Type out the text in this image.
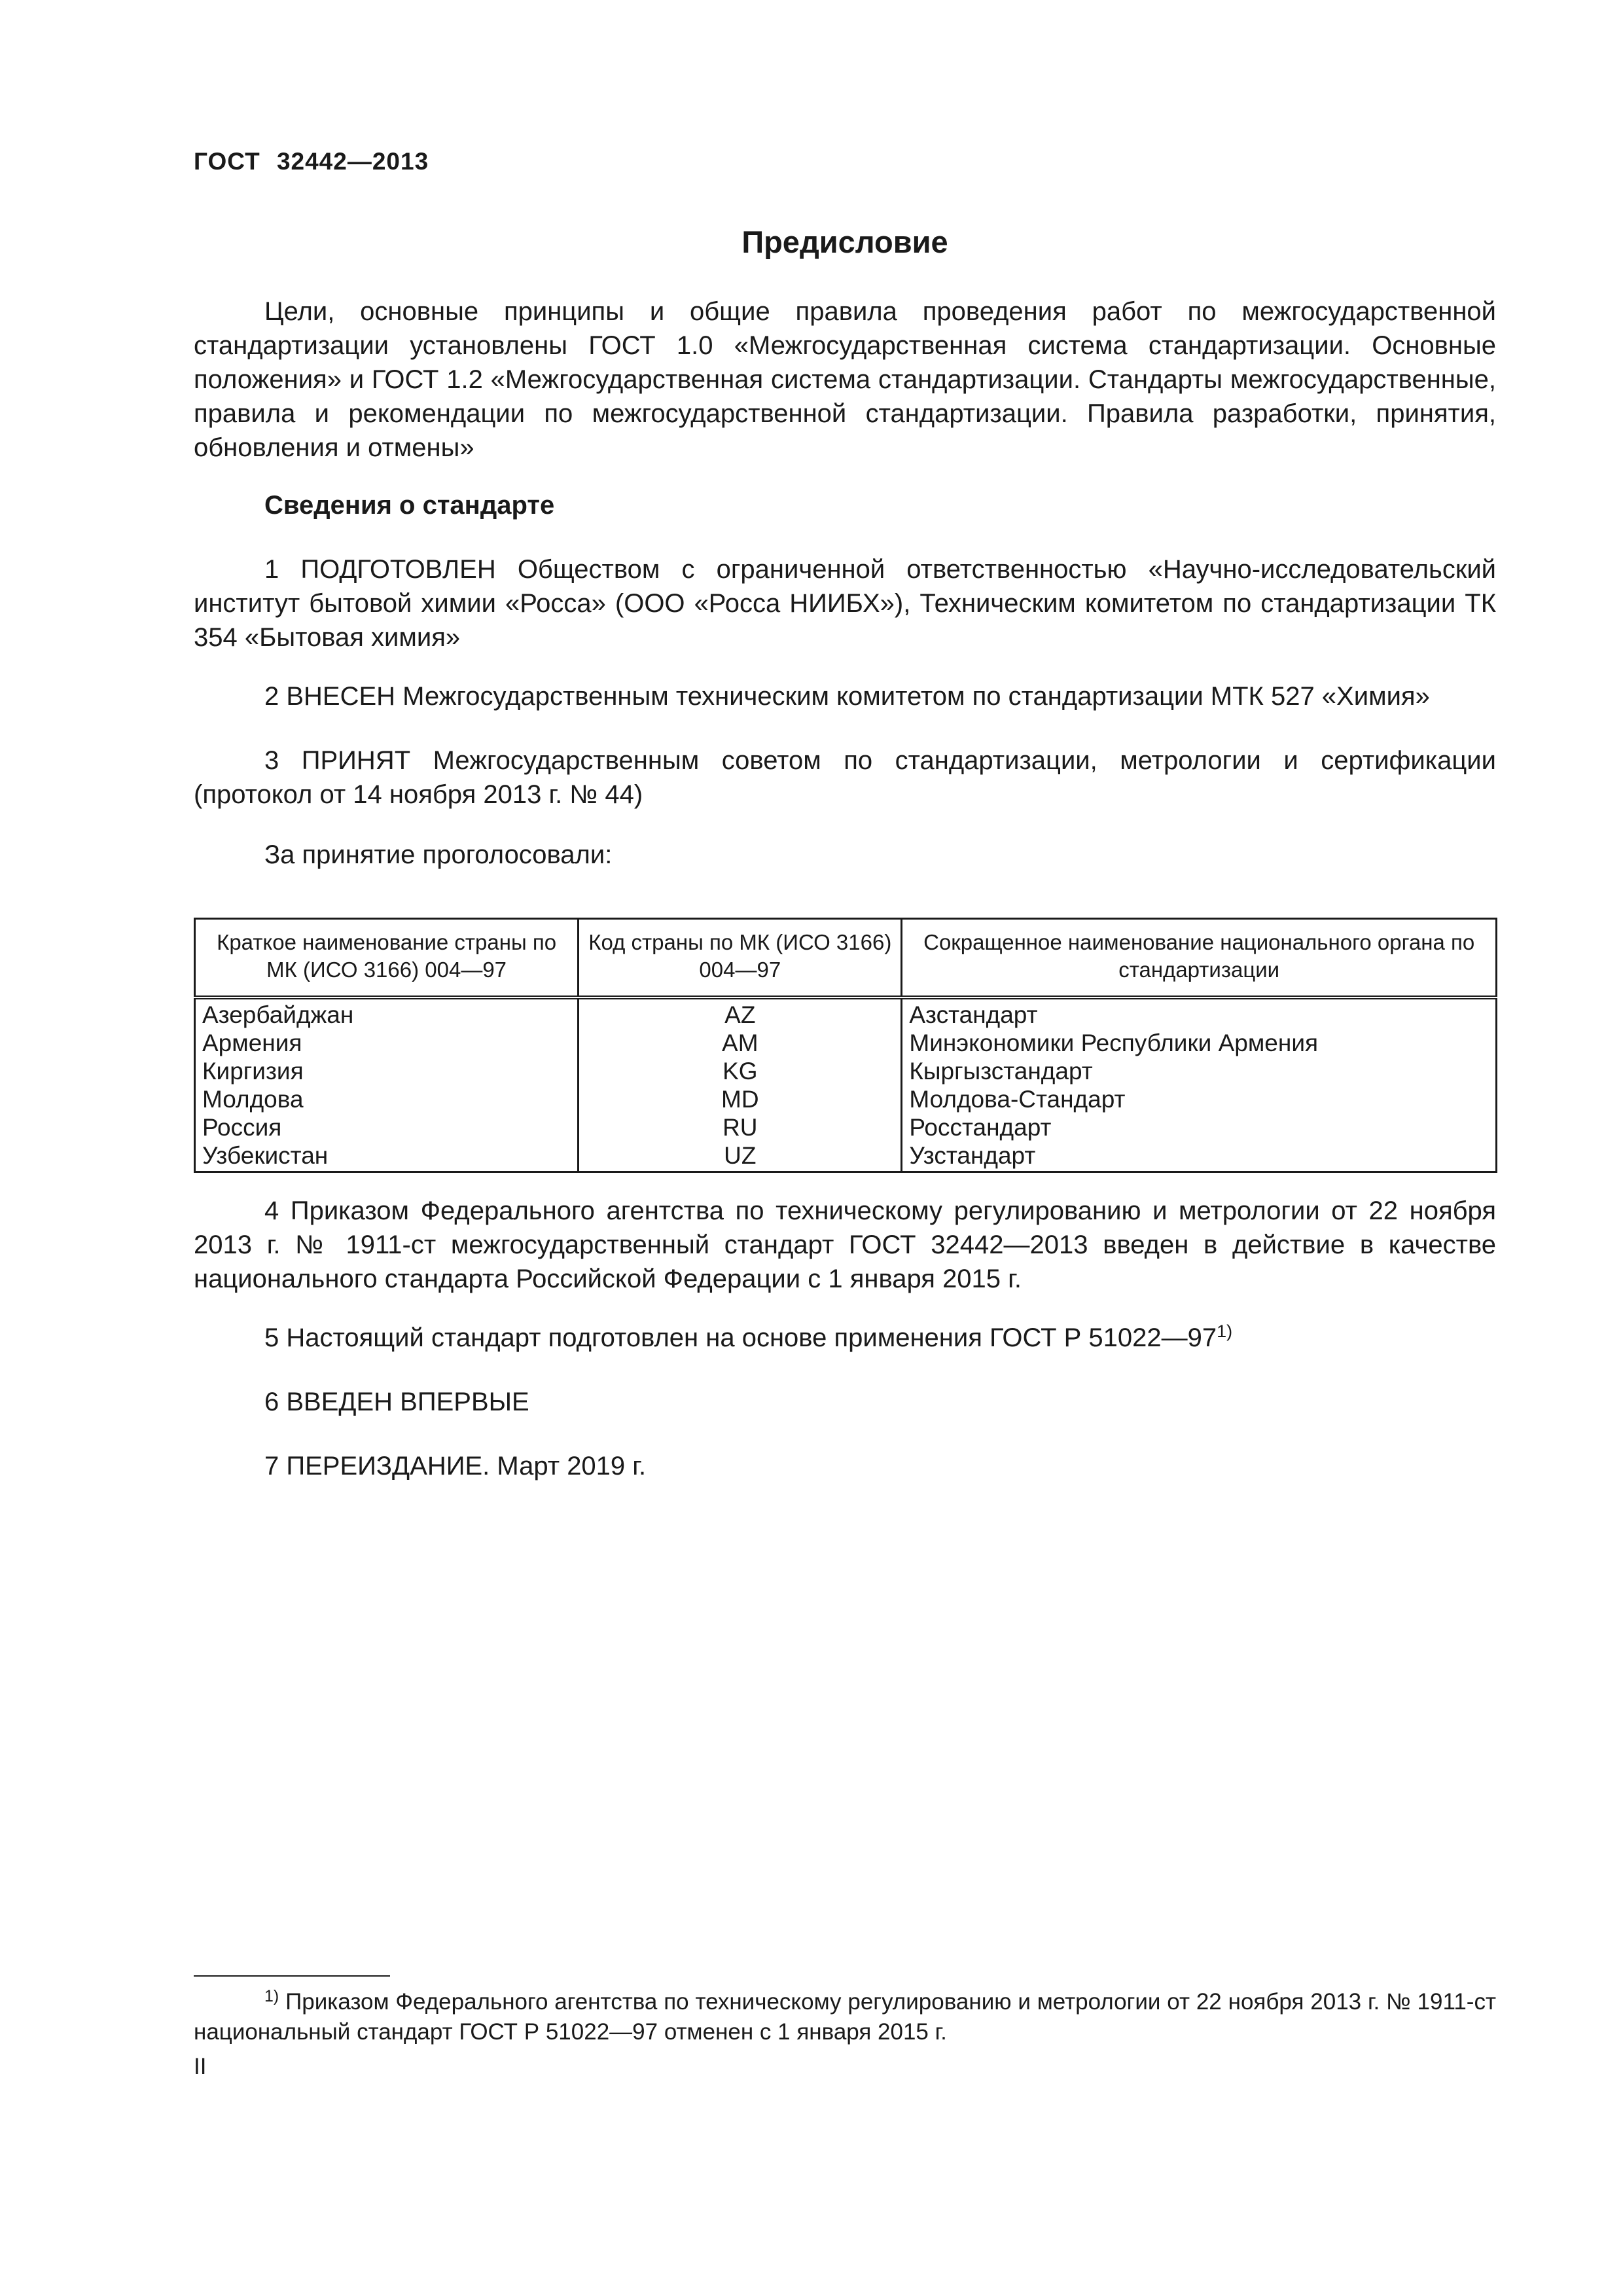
ГОСТ 32442—2013
Предисловие

Цели, основные принципы и общие правила проведения работ по межгосударственной стандартизации установлены ГОСТ 1.0 «Межгосударственная система стандартизации. Основные положения» и ГОСТ 1.2 «Межгосударственная система стандартизации. Стандарты межгосударственные, правила и рекомендации по межгосударственной стандартизации. Правила разработки, принятия, обновления и отмены»

Сведения о стандарте

1 ПОДГОТОВЛЕН Обществом с ограниченной ответственностью «Научно-исследовательский институт бытовой химии «Росса» (ООО «Росса НИИБХ»), Техническим комитетом по стандартизации ТК 354 «Бытовая химия»

2 ВНЕСЕН Межгосударственным техническим комитетом по стандартизации МТК 527 «Химия»

3 ПРИНЯТ Межгосударственным советом по стандартизации, метрологии и сертификации (протокол от 14 ноября 2013 г. № 44)

За принятие проголосовали:

Краткое наименование страны по МК (ИСО 3166) 004—97	Код страны по МК (ИСО 3166) 004—97	Сокращенное наименование национального органа по стандартизации
Азербайджан	AZ	Азстандарт
Армения	AM	Минэкономики Республики Армения
Киргизия	KG	Кыргызстандарт
Молдова	MD	Молдова-Стандарт
Россия	RU	Росстандарт
Узбекистан	UZ	Узстандарт

4 Приказом Федерального агентства по техническому регулированию и метрологии от 22 ноября 2013 г. № 1911-ст межгосударственный стандарт ГОСТ 32442—2013 введен в действие в качестве национального стандарта Российской Федерации с 1 января 2015 г.

5 Настоящий стандарт подготовлен на основе применения ГОСТ Р 51022—97$^{1)}$

6 ВВЕДЕН ВПЕРВЫЕ

7 ПЕРЕИЗДАНИЕ. Март 2019 г.

$^{1)}$ Приказом Федерального агентства по техническому регулированию и метрологии от 22 ноября 2013 г. № 1911-ст национальный стандарт ГОСТ Р 51022—97 отменен с 1 января 2015 г.

II
